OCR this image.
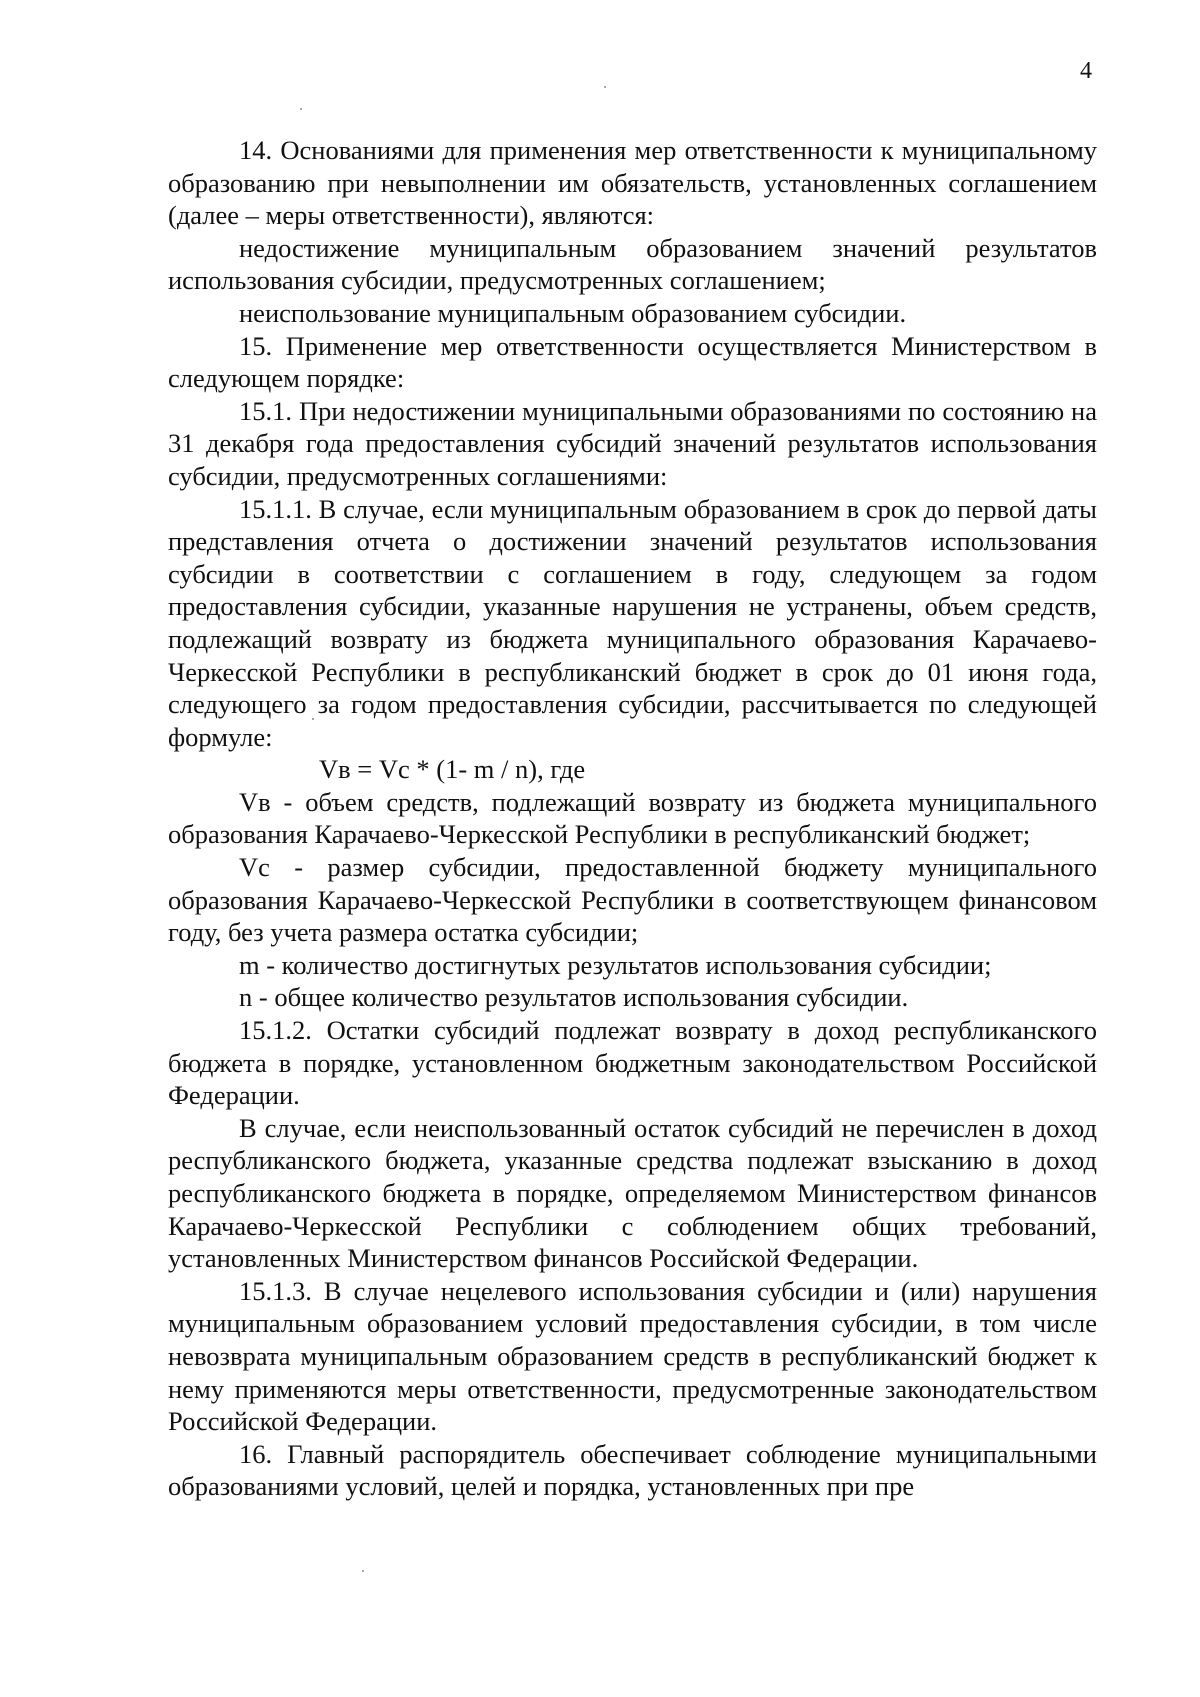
4

14. Основаниями для применения мер ответственности к муниципальному образованию при невыполнении им обязательств, установленных соглашением (далее – меры ответственности), являются:

недостижение муниципальным образованием значений результатов использования субсидии, предусмотренных соглашением;

неиспользование муниципальным образованием субсидии.

15. Применение мер ответственности осуществляется Министерством в следующем порядке:

15.1. При недостижении муниципальными образованиями по состоянию на 31 декабря года предоставления субсидий значений результатов использования субсидии, предусмотренных соглашениями:

15.1.1. В случае, если муниципальным образованием в срок до первой даты представления отчета о достижении значений результатов использования субсидии в соответствии с соглашением в году, следующем за годом предоставления субсидии, указанные нарушения не устранены, объем средств, подлежащий возврату из бюджета муниципального образования Карачаево-Черкесской Республики в республиканский бюджет в срок до 01 июня года, следующего за годом предоставления субсидии, рассчитывается по следующей формуле:

Vв = Vс * (1- m / n), где

Vв - объем средств, подлежащий возврату из бюджета муниципального образования Карачаево-Черкесской Республики в республиканский бюджет;

Vс - размер субсидии, предоставленной бюджету муниципального образования Карачаево-Черкесской Республики в соответствующем финансовом году, без учета размера остатка субсидии;

m - количество достигнутых результатов использования субсидии;

n - общее количество результатов использования субсидии.

15.1.2. Остатки субсидий подлежат возврату в доход республиканского бюджета в порядке, установленном бюджетным законодательством Российской Федерации.

В случае, если неиспользованный остаток субсидий не перечислен в доход республиканского бюджета, указанные средства подлежат взысканию в доход республиканского бюджета в порядке, определяемом Министерством финансов Карачаево-Черкесской Республики с соблюдением общих требований, установленных Министерством финансов Российской Федерации.

15.1.3. В случае нецелевого использования субсидии и (или) нарушения муниципальным образованием условий предоставления субсидии, в том числе невозврата муниципальным образованием средств в республиканский бюджет к нему применяются меры ответственности, предусмотренные законодательством Российской Федерации.

16. Главный распорядитель обеспечивает соблюдение муниципальными образованиями условий, целей и порядка, установленных при пре
